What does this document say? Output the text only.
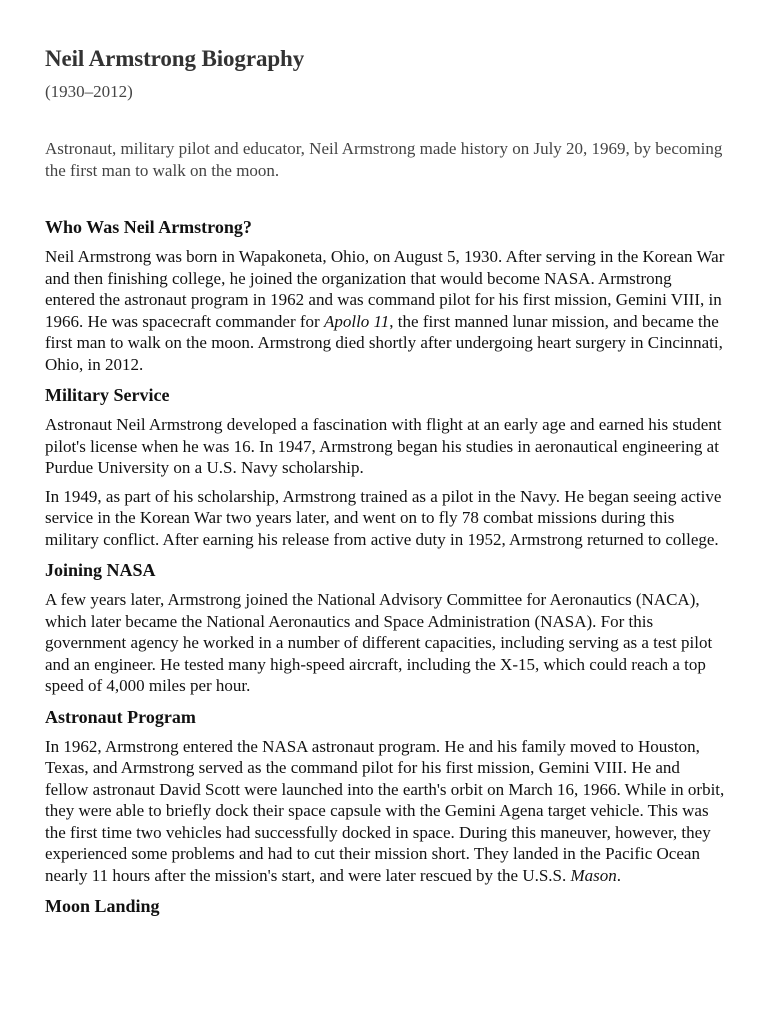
Neil Armstrong Biography
(1930–2012)

Astronaut, military pilot and educator, Neil Armstrong made history on July 20, 1969, by becoming the first man to walk on the moon.

Who Was Neil Armstrong?

Neil Armstrong was born in Wapakoneta, Ohio, on August 5, 1930. After serving in the Korean War and then finishing college, he joined the organization that would become NASA. Armstrong entered the astronaut program in 1962 and was command pilot for his first mission, Gemini VIII, in 1966. He was spacecraft commander for Apollo 11, the first manned lunar mission, and became the first man to walk on the moon. Armstrong died shortly after undergoing heart surgery in Cincinnati, Ohio, in 2012.

Military Service

Astronaut Neil Armstrong developed a fascination with flight at an early age and earned his student pilot's license when he was 16. In 1947, Armstrong began his studies in aeronautical engineering at Purdue University on a U.S. Navy scholarship.

In 1949, as part of his scholarship, Armstrong trained as a pilot in the Navy. He began seeing active service in the Korean War two years later, and went on to fly 78 combat missions during this military conflict. After earning his release from active duty in 1952, Armstrong returned to college.

Joining NASA

A few years later, Armstrong joined the National Advisory Committee for Aeronautics (NACA), which later became the National Aeronautics and Space Administration (NASA). For this government agency he worked in a number of different capacities, including serving as a test pilot and an engineer. He tested many high-speed aircraft, including the X-15, which could reach a top speed of 4,000 miles per hour.

Astronaut Program

In 1962, Armstrong entered the NASA astronaut program. He and his family moved to Houston, Texas, and Armstrong served as the command pilot for his first mission, Gemini VIII. He and fellow astronaut David Scott were launched into the earth's orbit on March 16, 1966. While in orbit, they were able to briefly dock their space capsule with the Gemini Agena target vehicle. This was the first time two vehicles had successfully docked in space. During this maneuver, however, they experienced some problems and had to cut their mission short. They landed in the Pacific Ocean nearly 11 hours after the mission's start, and were later rescued by the U.S.S. Mason.

Moon Landing
